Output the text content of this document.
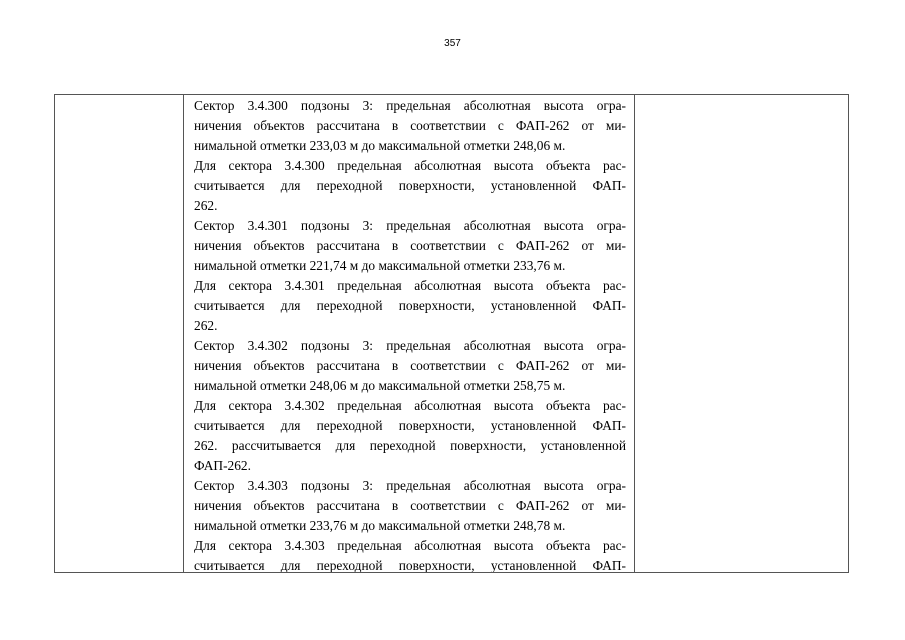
357
Сектор 3.4.300 подзоны 3: предельная абсолютная высота огра-
ничения объектов рассчитана в соответствии с ФАП-262 от ми-
нимальной отметки 233,03 м до максимальной отметки 248,06 м.
Для сектора 3.4.300 предельная абсолютная высота объекта рас-
считывается для переходной поверхности, установленной ФАП-
262.
Сектор 3.4.301 подзоны 3: предельная абсолютная высота огра-
ничения объектов рассчитана в соответствии с ФАП-262 от ми-
нимальной отметки 221,74 м до максимальной отметки 233,76 м.
Для сектора 3.4.301 предельная абсолютная высота объекта рас-
считывается для переходной поверхности, установленной ФАП-
262.
Сектор 3.4.302 подзоны 3: предельная абсолютная высота огра-
ничения объектов рассчитана в соответствии с ФАП-262 от ми-
нимальной отметки 248,06 м до максимальной отметки 258,75 м.
Для сектора 3.4.302 предельная абсолютная высота объекта рас-
считывается для переходной поверхности, установленной ФАП-
262. рассчитывается для переходной поверхности, установленной
ФАП-262.
Сектор 3.4.303 подзоны 3: предельная абсолютная высота огра-
ничения объектов рассчитана в соответствии с ФАП-262 от ми-
нимальной отметки 233,76 м до максимальной отметки 248,78 м.
Для сектора 3.4.303 предельная абсолютная высота объекта рас-
считывается для переходной поверхности, установленной ФАП-
